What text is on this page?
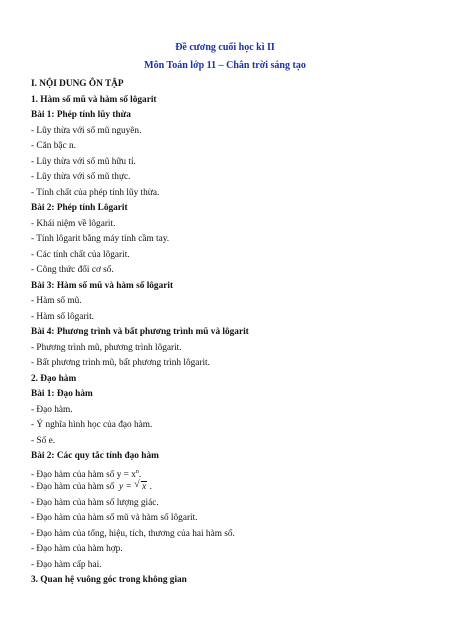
Đề cương cuối học kì II
Môn Toán lớp 11 – Chân trời sáng tạo
I. NỘI DUNG ÔN TẬP
1. Hàm số mũ và hàm số lôgarit
Bài 1: Phép tính lũy thừa
- Lũy thừa với số mũ nguyên.
- Căn bậc n.
- Lũy thừa với số mũ hữu tỉ.
- Lũy thừa với số mũ thực.
- Tính chất của phép tính lũy thừa.
Bài 2: Phép tính Lôgarit
- Khái niệm về lôgarit.
- Tính lôgarit bằng máy tính cầm tay.
- Các tính chất của lôgarit.
- Công thức đổi cơ số.
Bài 3: Hàm số mũ và hàm số lôgarit
- Hàm số mũ.
- Hàm số lôgarit.
Bài 4: Phương trình và bất phương trình mũ và lôgarit
- Phương trình mũ, phương trình lôgarit.
- Bất phương trình mũ, bất phương trình lôgarit.
2. Đạo hàm
Bài 1: Đạo hàm
- Đạo hàm.
- Ý nghĩa hình học của đạo hàm.
- Số e.
Bài 2: Các quy tắc tính đạo hàm
- Đạo hàm của hàm số $y = x^n$.
- Đạo hàm của hàm số y = √ x .
- Đạo hàm của hàm số lượng giác.
- Đạo hàm của hàm số mũ và hàm số lôgarit.
- Đạo hàm của tổng, hiệu, tích, thương của hai hàm số.
- Đạo hàm của hàm hợp.
- Đạo hàm cấp hai.
3. Quan hệ vuông góc trong không gian
